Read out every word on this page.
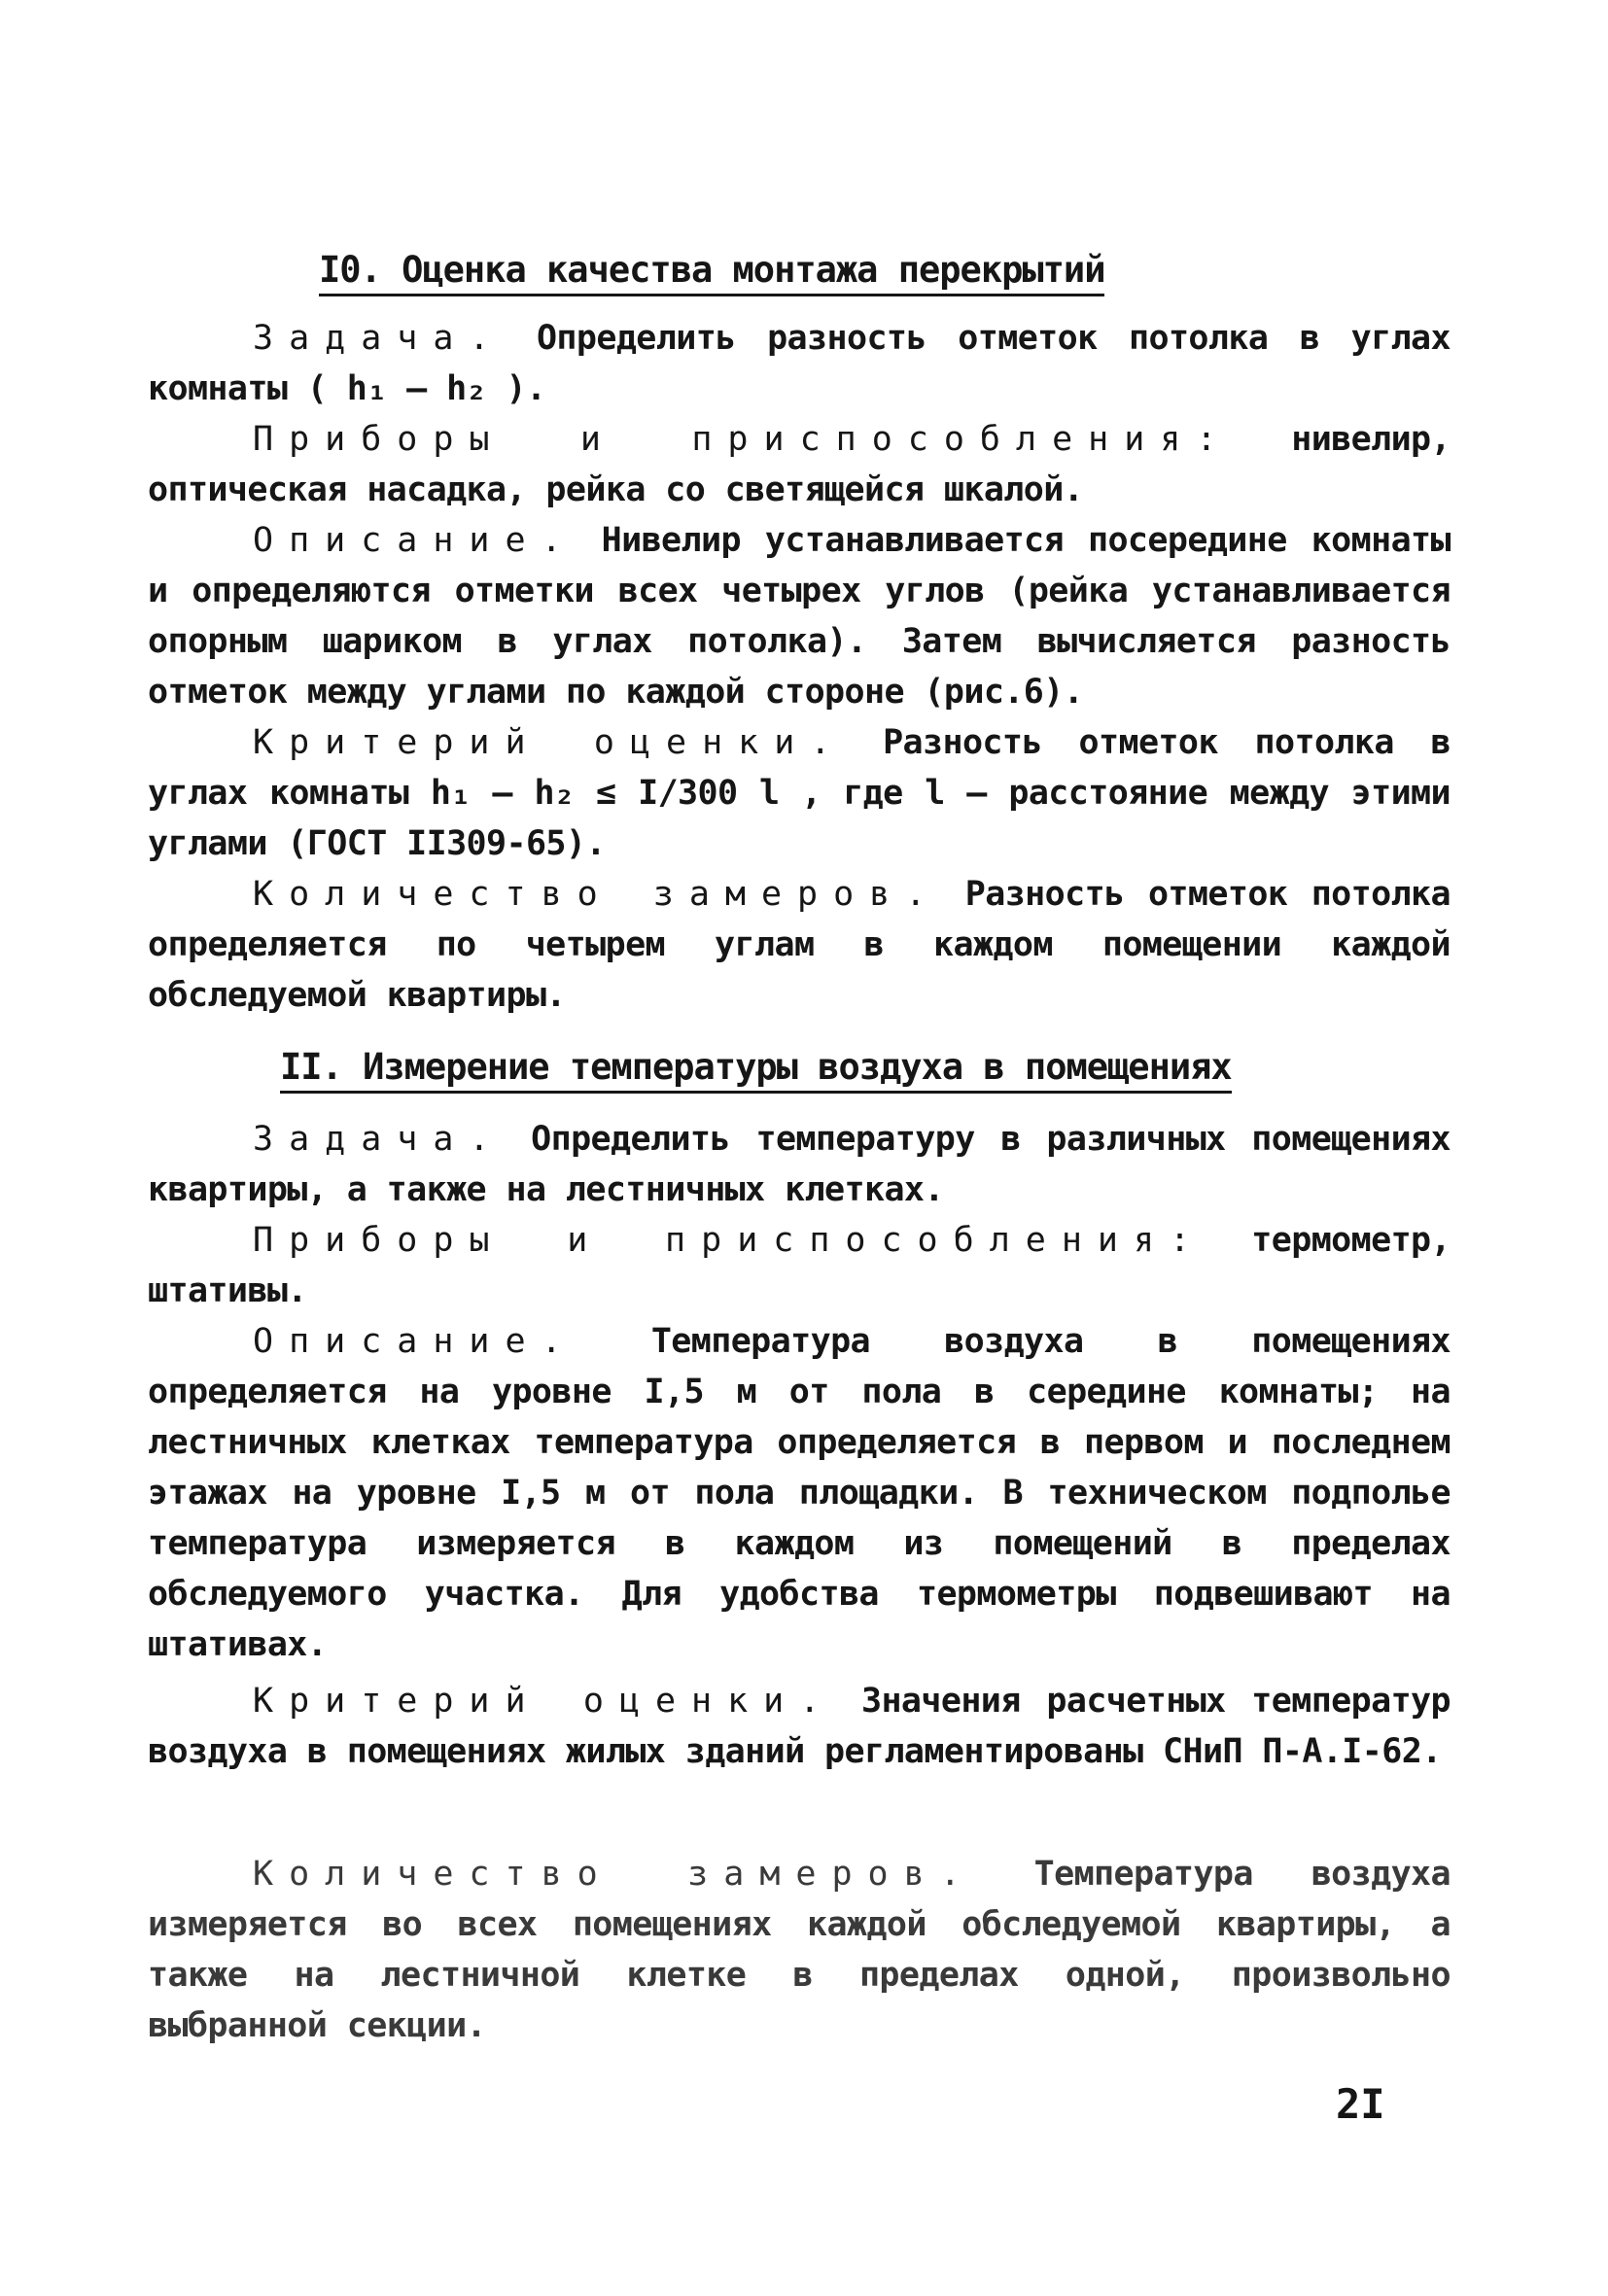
I0. Оценка качества монтажа перекрытий

Задача. Определить разность отметок потолка в углах комнаты ( h₁ – h₂ ).

Приборы и приспособления: нивелир, оптическая насадка, рейка со светящейся шкалой.

Описание. Нивелир устанавливается посередине комнаты и определяются отметки всех четырех углов (рейка устанавливается опорным шариком в углах потолка). Затем вычисляется разность отметок между углами по каждой стороне (рис.6).

Критерий оценки. Разность отметок потолка в углах комнаты h₁ – h₂ ≤ I/300 l , где l – расстояние между этими углами (ГОСТ II309-65).

Количество замеров. Разность отметок потолка определяется по четырем углам в каждом помещении каждой обследуемой квартиры.

II. Измерение температуры воздуха в помещениях

Задача. Определить температуру в различных помещениях квартиры, а также на лестничных клетках.

Приборы и приспособления: термометр, штативы.

Описание. Температура воздуха в помещениях определяется на уровне I,5 м от пола в середине комнаты; на лестничных клетках температура определяется в первом и последнем этажах на уровне I,5 м от пола площадки. В техническом подполье температура измеряется в каждом из помещений в пределах обследуемого участка. Для удобства термометры подвешивают на штативах.

Критерий оценки. Значения расчетных температур воздуха в помещениях жилых зданий регламентированы СНиП П-А.I-62.

Количество замеров. Температура воздуха измеряется во всех помещениях каждой обследуемой квартиры, а также на лестничной клетке в пределах одной, произвольно выбранной секции.

2I
